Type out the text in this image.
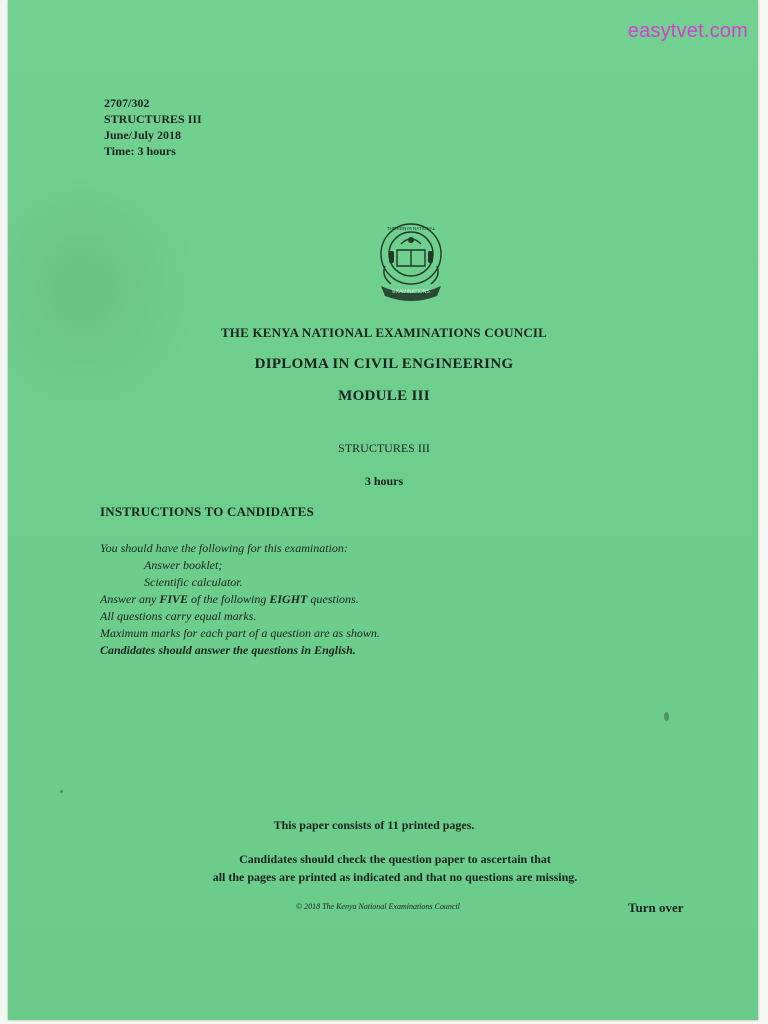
2707/302
STRUCTURES III
June/July 2018
Time: 3 hours
EXAMINATIONS
THE KENYA NATIONAL
easytvet.com
THE KENYA NATIONAL EXAMINATIONS COUNCIL
DIPLOMA IN CIVIL ENGINEERING
MODULE III
STRUCTURES III
3 hours
INSTRUCTIONS TO CANDIDATES
You should have the following for this examination:
Answer booklet;
Scientific calculator.
Answer any FIVE of the following EIGHT questions.
All questions carry equal marks.
Maximum marks for each part of a question are as shown.
Candidates should answer the questions in English.
This paper consists of 11 printed pages.
Candidates should check the question paper to ascertain that
all the pages are printed as indicated and that no questions are missing.
© 2018 The Kenya National Examinations Council	Turn over
